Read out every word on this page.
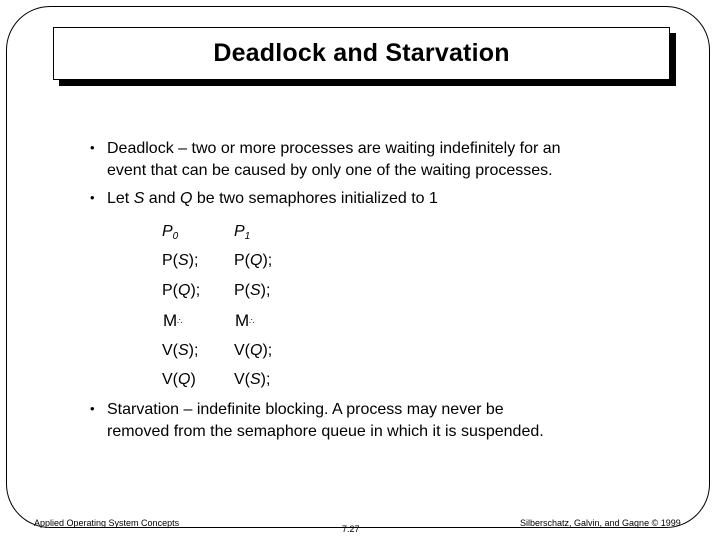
Deadlock and Starvation
• Deadlock – two or more processes are waiting indefinitely for an
event that can be caused by only one of the waiting processes.
• Let S and Q be two semaphores initialized to 1
$P_0$	$P_1$
P(S); P(Q);
P(Q); P(S);
M∴	M∴
V(S); V(Q);
V(Q) V(S);
• Starvation – indefinite blocking. A process may never be
removed from the semaphore queue in which it is suspended.
Applied Operating System Concepts
7.27
Silberschatz, Galvin, and Gagne © 1999
